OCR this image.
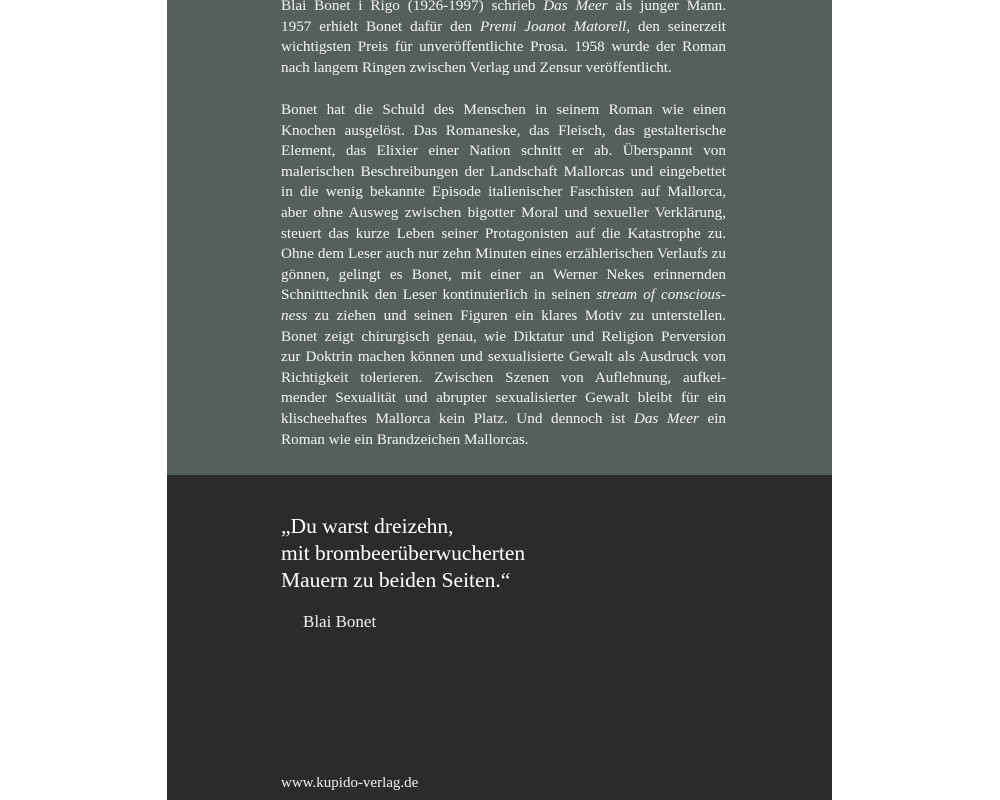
Blai Bonet i Rigo (1926-1997) schrieb Das Meer als junger Mann.
1957 erhielt Bonet dafür den Premi Joanot Matorell, den seinerzeit
wichtigsten Preis für unveröffentlichte Prosa. 1958 wurde der Roman
nach langem Ringen zwischen Verlag und Zensur veröffentlicht.
Bonet hat die Schuld des Menschen in seinem Roman wie einen
Knochen ausgelöst. Das Romaneske, das Fleisch, das gestalterische
Element, das Elixier einer Nation schnitt er ab. Überspannt von
malerischen Beschreibungen der Landschaft Mallorcas und eingebettet
in die wenig bekannte Episode italienischer Faschisten auf Mallorca,
aber ohne Ausweg zwischen bigotter Moral und sexueller Verklärung,
steuert das kurze Leben seiner Protagonisten auf die Katastrophe zu.
Ohne dem Leser auch nur zehn Minuten eines erzählerischen Verlaufs zu
gönnen, gelingt es Bonet, mit einer an Werner Nekes erinnernden
Schnitttechnik den Leser kontinuierlich in seinen stream of conscious-
ness zu ziehen und seinen Figuren ein klares Motiv zu unterstellen.
Bonet zeigt chirurgisch genau, wie Diktatur und Religion Perversion
zur Doktrin machen können und sexualisierte Gewalt als Ausdruck von
Richtigkeit tolerieren. Zwischen Szenen von Auflehnung, aufkei-
mender Sexualität und abrupter sexualisierter Gewalt bleibt für ein
klischeehaftes Mallorca kein Platz. Und dennoch ist Das Meer ein
Roman wie ein Brandzeichen Mallorcas.
„Du warst dreizehn,
mit brombeerüberwucherten
Mauern zu beiden Seiten.“
Blai Bonet
www.kupido-verlag.de
